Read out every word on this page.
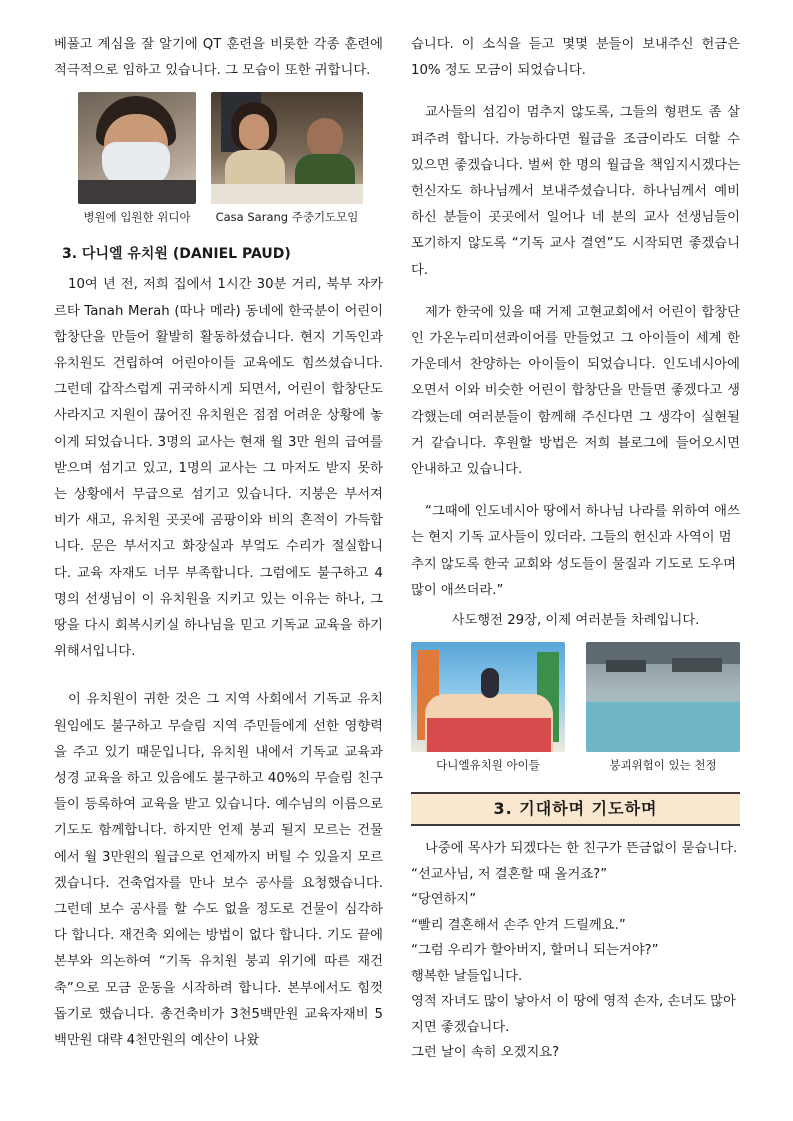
베풀고 계심을 잘 알기에 QT 훈련을 비롯한 각종 훈련에 적극적으로 임하고 있습니다. 그 모습이 또한 귀합니다.

병원에 입원한 위디아 Casa Sarang 주중기도모임
3. 다니엘 유치원 (DANIEL PAUD)

10여 년 전, 저희 집에서 1시간 30분 거리, 북부 자카르타 Tanah Merah (따나 메라) 동네에 한국분이 어린이 합창단을 만들어 활발히 활동하셨습니다. 현지 기독인과 유치원도 건립하여 어린아이들 교육에도 힘쓰셨습니다. 그런데 갑작스럽게 귀국하시게 되면서, 어린이 합창단도 사라지고 지원이 끊어진 유치원은 점점 어려운 상황에 놓이게 되었습니다. 3명의 교사는 현재 월 3만 원의 급여를 받으며 섬기고 있고, 1명의 교사는 그 마저도 받지 못하는 상황에서 무급으로 섬기고 있습니다. 지붕은 부서져 비가 새고, 유치원 곳곳에 곰팡이와 비의 흔적이 가득합니다. 문은 부서지고 화장실과 부엌도 수리가 절실합니다. 교육 자재도 너무 부족합니다. 그럼에도 불구하고 4명의 선생님이 이 유치원을 지키고 있는 이유는 하나, 그 땅을 다시 회복시키실 하나님을 믿고 기독교 교육을 하기 위해서입니다.

이 유치원이 귀한 것은 그 지역 사회에서 기독교 유치원임에도 불구하고 무슬림 지역 주민들에게 선한 영향력을 주고 있기 때문입니다, 유치원 내에서 기독교 교육과 성경 교육을 하고 있음에도 불구하고 40%의 무슬림 친구들이 등록하여 교육을 받고 있습니다. 예수님의 이름으로 기도도 함께합니다. 하지만 언제 붕괴 될지 모르는 건물에서 월 3만원의 월급으로 언제까지 버틸 수 있을지 모르겠습니다. 건축업자를 만나 보수 공사를 요청했습니다. 그런데 보수 공사를 할 수도 없을 정도로 건물이 심각하다 합니다. 재건축 외에는 방법이 없다 합니다. 기도 끝에 본부와 의논하여 “기독 유치원 붕괴 위기에 따른 재건축”으로 모금 운동을 시작하려 합니다. 본부에서도 힘껏 돕기로 했습니다. 총건축비가 3천5백만원 교육자재비 5백만원 대략 4천만원의 예산이 나왔

습니다. 이 소식을 듣고 몇몇 분들이 보내주신 헌금은 10% 정도 모금이 되었습니다.

교사들의 섬김이 멈추지 않도록, 그들의 형편도 좀 살펴주려 합니다. 가능하다면 월급을 조금이라도 더할 수 있으면 좋겠습니다. 벌써 한 명의 월급을 책임지시겠다는 헌신자도 하나님께서 보내주셨습니다. 하나님께서 예비하신 분들이 곳곳에서 일어나 네 분의 교사 선생님들이 포기하지 않도록 “기독 교사 결연”도 시작되면 좋겠습니다.

제가 한국에 있을 때 거제 고현교회에서 어린이 합창단인 가온누리미션콰이어를 만들었고 그 아이들이 세계 한가운데서 찬양하는 아이들이 되었습니다. 인도네시아에 오면서 이와 비슷한 어린이 합창단을 만들면 좋겠다고 생각했는데 여러분들이 함께해 주신다면 그 생각이 실현될 거 같습니다. 후원할 방법은 저희 블로그에 들어오시면 안내하고 있습니다.

“그때에 인도네시아 땅에서 하나님 나라를 위하여 애쓰는 현지 기독 교사들이 있더라. 그들의 헌신과 사역이 멈추지 않도록 한국 교회와 성도들이 물질과 기도로 도우며 많이 애쓰더라.”

사도행전 29장, 이제 여러분들 차례입니다.

다니엘유치원 아이들	붕괴위험이 있는 천정
3. 기대하며 기도하며

나중에 목사가 되겠다는 한 친구가 뜬금없이 묻습니다.

“선교사님, 저 결혼할 때 올거죠?”

“당연하지”

“빨리 결혼해서 손주 안겨 드릴께요.”

“그럼 우리가 할아버지, 할머니 되는거야?”

행복한 날들입니다.

영적 자녀도 많이 낳아서 이 땅에 영적 손자, 손녀도 많아지면 좋겠습니다.

그런 날이 속히 오겠지요?
